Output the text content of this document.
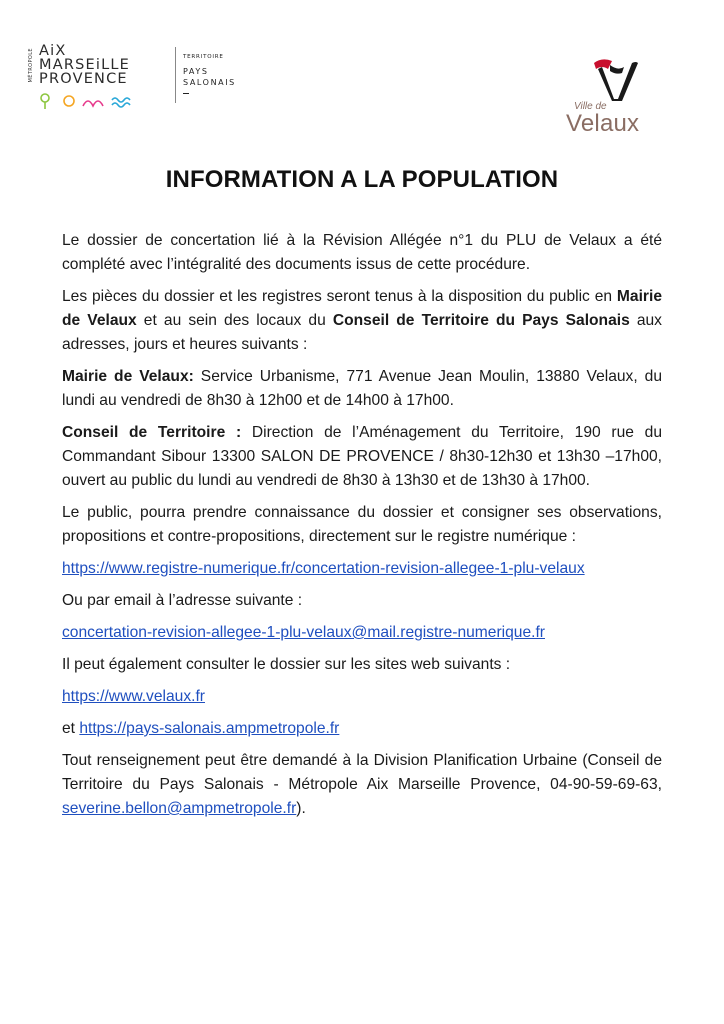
MÉTROPOLE AiX
MARSEiLLE
PROVENCE
TERRITOIRE
PAYS
SALONAIS
Ville de
Velaux
INFORMATION A LA POPULATION

Le dossier de concertation lié à la Révision Allégée n°1 du PLU de Velaux a été complété avec l’intégralité des documents issus de cette procédure.

Les pièces du dossier et les registres seront tenus à la disposition du public en Mairie de Velaux et au sein des locaux du Conseil de Territoire du Pays Salonais aux adresses, jours et heures suivants :

Mairie de Velaux: Service Urbanisme, 771 Avenue Jean Moulin, 13880 Velaux, du lundi au vendredi de 8h30 à 12h00 et de 14h00 à 17h00.

Conseil de Territoire : Direction de l’Aménagement du Territoire, 190 rue du Commandant Sibour 13300 SALON DE PROVENCE / 8h30-12h30 et 13h30 –17h00, ouvert au public du lundi au vendredi de 8h30 à 13h30 et de 13h30 à 17h00.

Le public, pourra prendre connaissance du dossier et consigner ses observations, propositions et contre-propositions, directement sur le registre numérique :

https://www.registre-numerique.fr/concertation-revision-allegee-1-plu-velaux

Ou par email à l’adresse suivante :

concertation-revision-allegee-1-plu-velaux@mail.registre-numerique.fr

Il peut également consulter le dossier sur les sites web suivants :

https://www.velaux.fr

et https://pays-salonais.ampmetropole.fr

Tout renseignement peut être demandé à la Division Planification Urbaine (Conseil de Territoire du Pays Salonais - Métropole Aix Marseille Provence, 04-90-59-69-63, severine.bellon@ampmetropole.fr).
